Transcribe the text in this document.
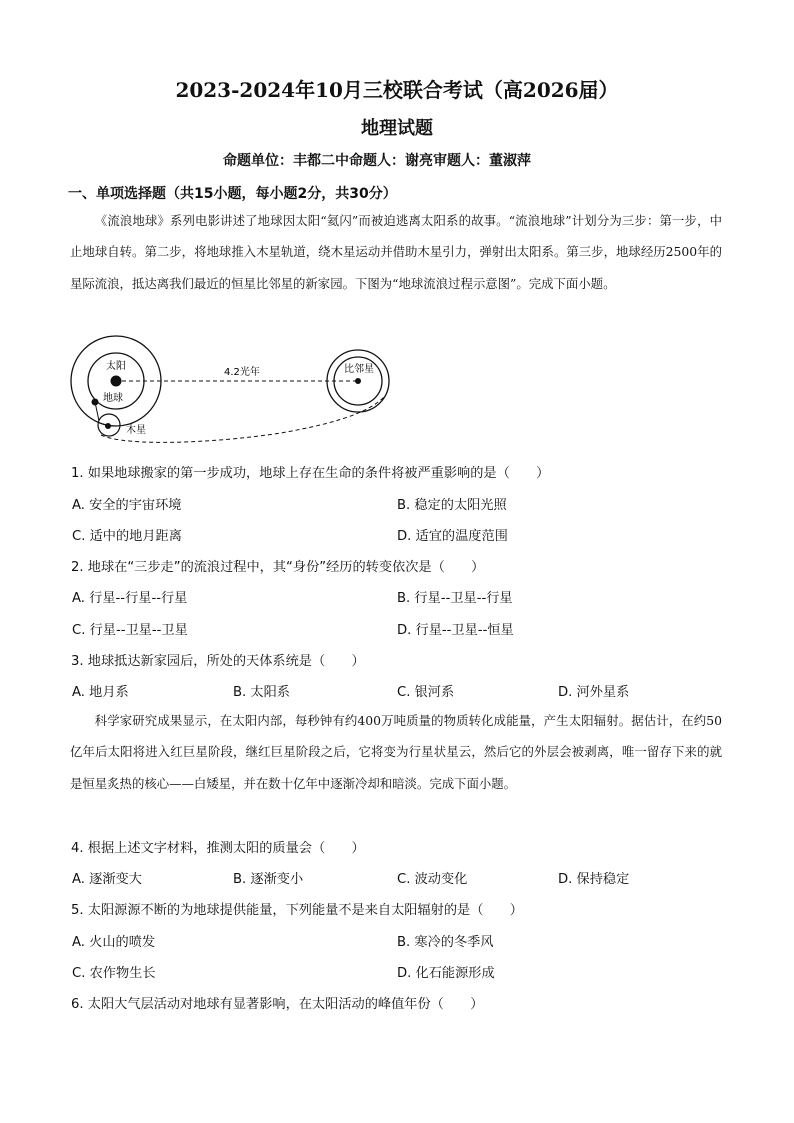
2023-2024年10月三校联合考试（高2026届）
地理试题
命题单位：丰都二中命题人：谢亮审题人：董淑萍
一、单项选择题（共15小题，每小题2分，共30分）

《流浪地球》系列电影讲述了地球因太阳“氦闪”而被迫逃离太阳系的故事。“流浪地球”计划分为三步：第一步，中止地球自转。第二步，将地球推入木星轨道，绕木星运动并借助木星引力，弹射出太阳系。第三步，地球经历2500年的星际流浪，抵达离我们最近的恒星比邻星的新家园。下图为“地球流浪过程示意图”。完成下面小题。

太阳
4.2光年	比邻星
地球
木星
1. 如果地球搬家的第一步成功，地球上存在生命的条件将被严重影响的是（　　）
A. 安全的宇宙环境	B. 稳定的太阳光照
C. 适中的地月距离	D. 适宜的温度范围
2. 地球在“三步走”的流浪过程中，其“身份”经历的转变依次是（　　）
A. 行星--行星--行星	B. 行星--卫星--行星
C. 行星--卫星--卫星	D. 行星--卫星--恒星
3. 地球抵达新家园后，所处的天体系统是（　　）
A. 地月系	B. 太阳系	C. 银河系	D. 河外星系

科学家研究成果显示，在太阳内部，每秒钟有约400万吨质量的物质转化成能量，产生太阳辐射。据估计，在约50亿年后太阳将进入红巨星阶段，继红巨星阶段之后，它将变为行星状星云，然后它的外层会被剥离，唯一留存下来的就是恒星炙热的核心——白矮星，并在数十亿年中逐渐冷却和暗淡。完成下面小题。

4. 根据上述文字材料，推测太阳的质量会（　　）
A. 逐渐变大	B. 逐渐变小	C. 波动变化	D. 保持稳定
5. 太阳源源不断的为地球提供能量，下列能量不是来自太阳辐射的是（　　）
A. 火山的喷发	B. 寒冷的冬季风
C. 农作物生长	D. 化石能源形成
6. 太阳大气层活动对地球有显著影响，在太阳活动的峰值年份（　　）
